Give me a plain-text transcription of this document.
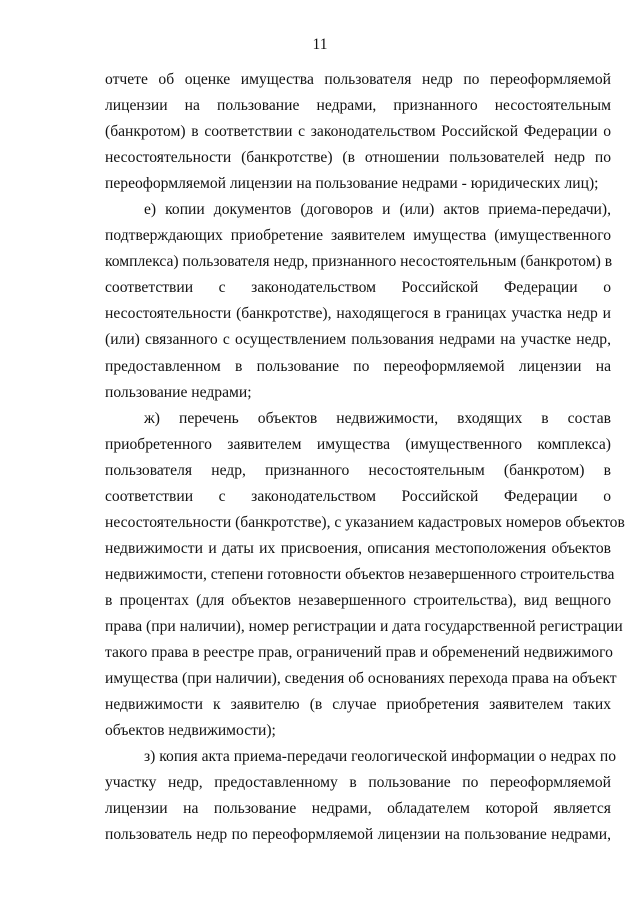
11
отчете об оценке имущества пользователя недр по переоформляемой
лицензии на пользование недрами, признанного несостоятельным
(банкротом) в соответствии с законодательством Российской Федерации о
несостоятельности (банкротстве) (в отношении пользователей недр по
переоформляемой лицензии на пользование недрами - юридических лиц);
е) копии документов (договоров и (или) актов приема-передачи),
подтверждающих приобретение заявителем имущества (имущественного
комплекса) пользователя недр, признанного несостоятельным (банкротом) в
соответствии с законодательством Российской Федерации о
несостоятельности (банкротстве), находящегося в границах участка недр и
(или) связанного с осуществлением пользования недрами на участке недр,
предоставленном в пользование по переоформляемой лицензии на
пользование недрами;
ж) перечень объектов недвижимости, входящих в состав
приобретенного заявителем имущества (имущественного комплекса)
пользователя недр, признанного несостоятельным (банкротом) в
соответствии с законодательством Российской Федерации о
несостоятельности (банкротстве), с указанием кадастровых номеров объектов
недвижимости и даты их присвоения, описания местоположения объектов
недвижимости, степени готовности объектов незавершенного строительства
в процентах (для объектов незавершенного строительства), вид вещного
права (при наличии), номер регистрации и дата государственной регистрации
такого права в реестре прав, ограничений прав и обременений недвижимого
имущества (при наличии), сведения об основаниях перехода права на объект
недвижимости к заявителю (в случае приобретения заявителем таких
объектов недвижимости);
з) копия акта приема-передачи геологической информации о недрах по
участку недр, предоставленному в пользование по переоформляемой
лицензии на пользование недрами, обладателем которой является
пользователь недр по переоформляемой лицензии на пользование недрами,
